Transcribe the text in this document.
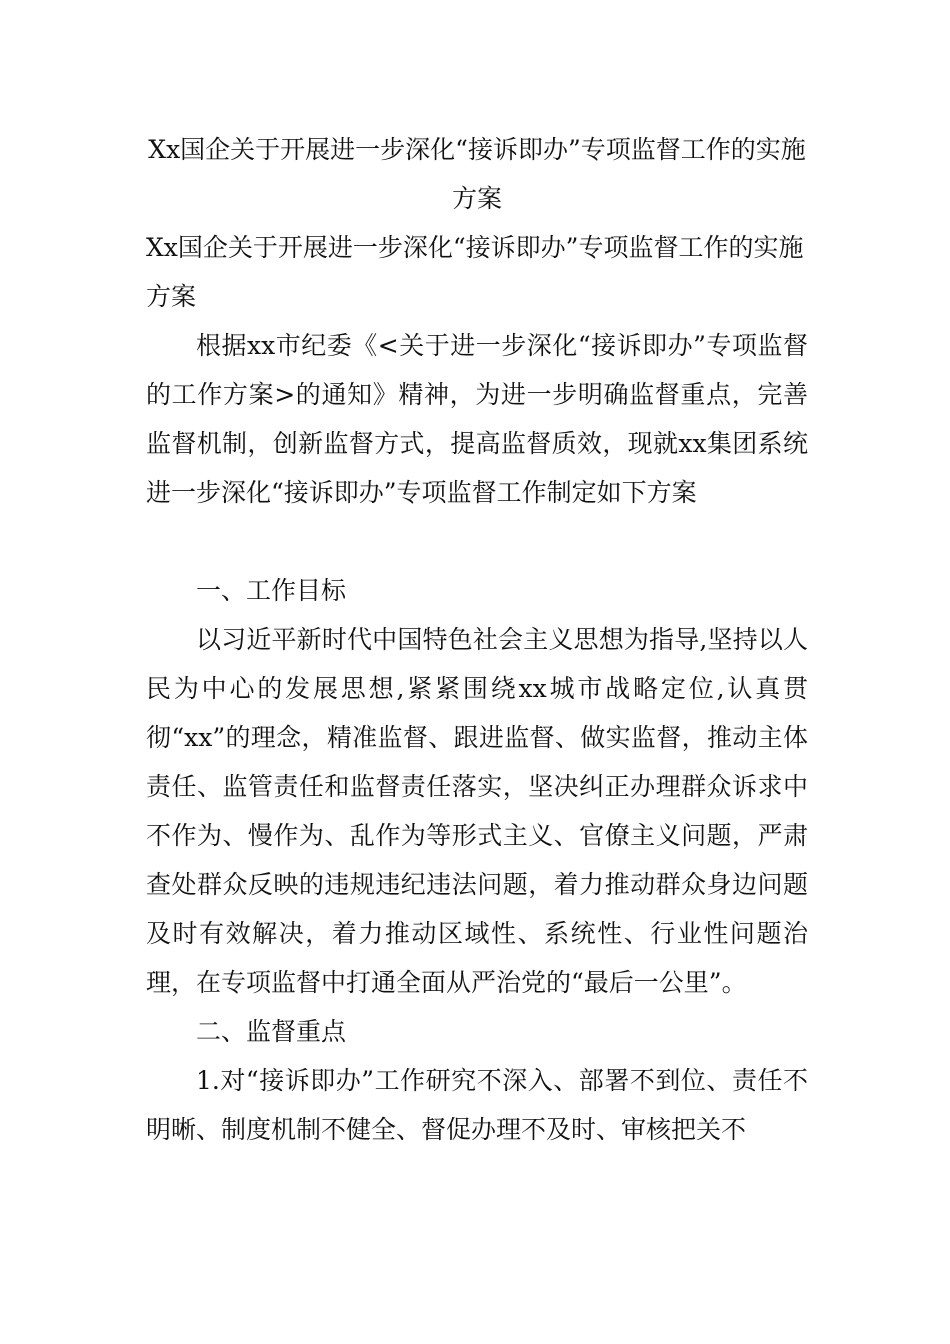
Xx国企关于开展进一步深化“接诉即办”专项监督工作的实施方案
Xx国企关于开展进一步深化“接诉即办”专项监督工作的实施方案

根据xx市纪委《<关于进一步深化“接诉即办”专项监督的工作方案>的通知》精神，为进一步明确监督重点，完善监督机制，创新监督方式，提高监督质效，现就xx集团系统进一步深化“接诉即办”专项监督工作制定如下方案

一、工作目标

以习近平新时代中国特色社会主义思想为指导,坚持以人民为中心的发展思想,紧紧围绕xx城市战略定位,认真贯彻“xx”的理念，精准监督、跟进监督、做实监督，推动主体责任、监管责任和监督责任落实，坚决纠正办理群众诉求中不作为、慢作为、乱作为等形式主义、官僚主义问题，严肃查处群众反映的违规违纪违法问题，着力推动群众身边问题及时有效解决，着力推动区域性、系统性、行业性问题治理，在专项监督中打通全面从严治党的“最后一公里”。

二、监督重点

1.对“接诉即办”工作研究不深入、部署不到位、责任不明晰、制度机制不健全、督促办理不及时、审核把关不
